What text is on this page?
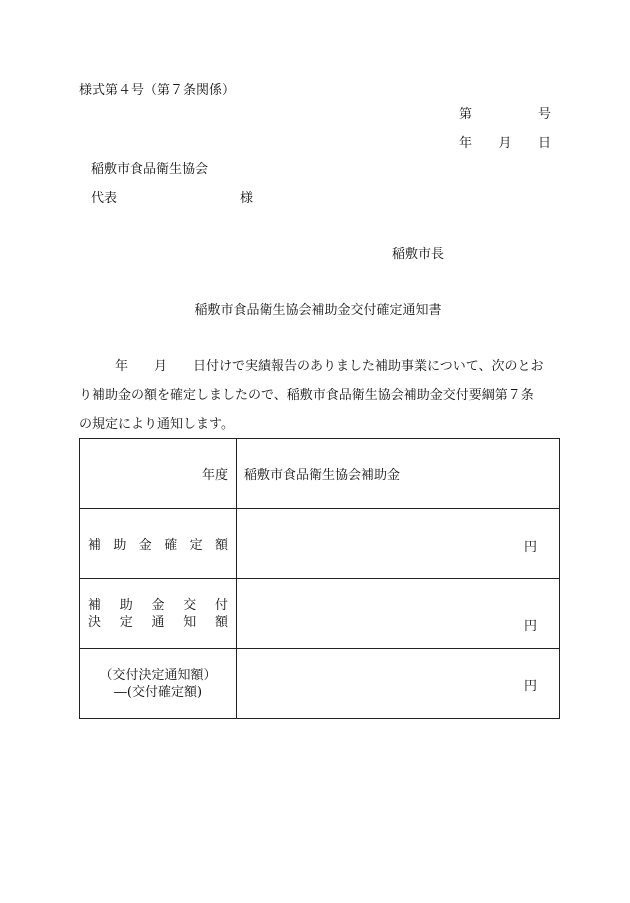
様式第４号（第７条関係）
第	号
年 月 日
稲敷市食品衛生協会
代表	様
稲敷市長
稲敷市食品衛生協会補助金交付確定通知書
年 月 日付けで実績報告のありました補助事業について、次のとお
り補助金の額を確定しましたので、稲敷市食品衛生協会補助金交付要綱第７条
の規定により通知します。
年度	稲敷市食品衛生協会補助金

補助金確定額	円

補助金交付
決定通知額	円

（交付決定通知額）
―(交付確定額)	円
